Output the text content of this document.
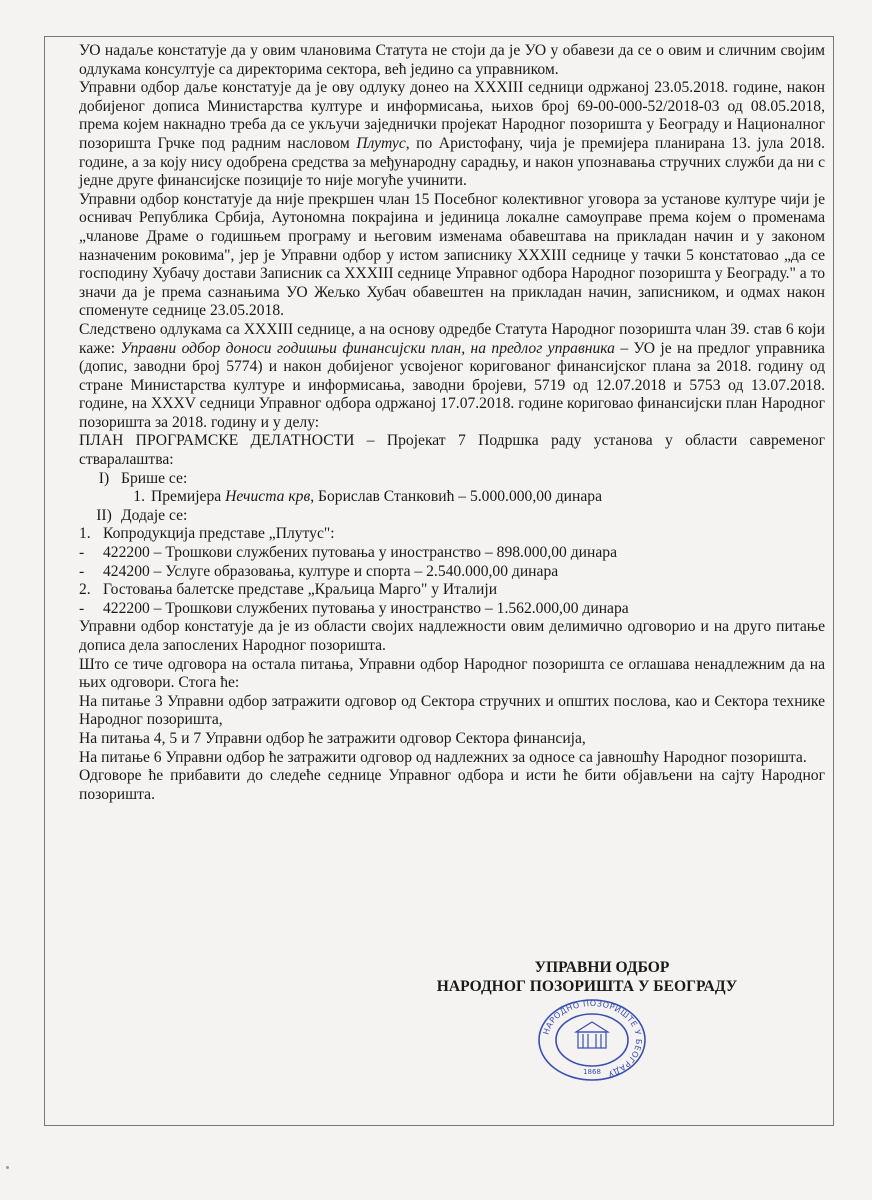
УО надаље констатује да у овим члановима Статута не стоји да је УО у обавези да се о овим и сличним својим одлукама консултује са директорима сектора, већ једино са управником.

Управни одбор даље констатује да је ову одлуку донео на XXXIII седници одржаној 23.05.2018. године, након добијеног дописа Министарства културе и информисања, њихов број 69-00-000-52/2018-03 од 08.05.2018, према којем накнадно треба да се укључи заједнички пројекат Народног позоришта у Београду и Националног позоришта Грчке под радним насловом Плутус, по Аристофану, чија је премијера планирана 13. јула 2018. године, а за коју нису одобрена средства за међународну сарадњу, и након упознавања стручних служби да ни с једне друге финансијске позиције то није могуће учинити.

Управни одбор констатује да није прекршен члан 15 Посебног колективног уговора за установе културе чији је оснивач Република Србија, Аутономна покрајина и јединица локалне самоуправе према којем о променама „чланове Драме о годишњем програму и његовим изменама обавештава на прикладан начин и у законом назначеним роковима", јер је Управни одбор у истом записнику XXXIII седнице у тачки 5 констатовао „да се господину Хубачу достави Записник са XXXIII седнице Управног одбора Народног позоришта у Београду." а то значи да је према сазнањима УО Жељко Хубач обавештен на прикладан начин, записником, и одмах након споменуте седнице 23.05.2018.

Следствено одлукама са XXXIII седнице, а на основу одредбе Статута Народног позоришта члан 39. став 6 који каже: Управни одбор доноси годишњи финансијски план, на предлог управника – УО је на предлог управника (допис, заводни број 5774) и након добијеног усвојеног коригованог финансијског плана за 2018. годину од стране Министарства културе и информисања, заводни бројеви, 5719 од 12.07.2018 и 5753 од 13.07.2018. године, на XXXV седници Управног одбора одржаној 17.07.2018. године кориговао финансијски план Народног позоришта за 2018. годину и у делу:

ПЛАН ПРОГРАМСКЕ ДЕЛАТНОСТИ – Пројекат 7 Подршка раду установа у области савременог стваралаштва:

I) Брише се:

1. Премијера Нечиста крв, Борислав Станковић – 5.000.000,00 динара

II) Додаје се:

1. Копродукција представе „Плутус":

- 422200 – Трошкови службених путовања у иностранство – 898.000,00 динара

- 424200 – Услуге образовања, културе и спорта – 2.540.000,00 динара

2. Гостовања балетске представе „Краљица Марго" у Италији

- 422200 – Трошкови службених путовања у иностранство – 1.562.000,00 динара

Управни одбор констатује да је из области својих надлежности овим делимично одговорио и на друго питање дописа дела запослених Народног позоришта.

Што се тиче одговора на остала питања, Управни одбор Народног позоришта се оглашава ненадлежним да на њих одговори. Стога ће:

На питање 3 Управни одбор затражити одговор од Сектора стручних и општих послова, као и Сектора технике Народног позоришта,

На питања 4, 5 и 7 Управни одбор ће затражити одговор Сектора финансија,

На питање 6 Управни одбор ће затражити одговор од надлежних за односе са јавношћу Народног позоришта.

Одговоре ће прибавити до следеће седнице Управног одбора и исти ће бити објављени на сајту Народног позоришта.

УПРАВНИ ОДБОР
НАРОДНОГ ПОЗОРИШТА У БЕОГРАДУ
НАРОДНО ПОЗОРИШТЕ У БЕОГРАДУ
1868
